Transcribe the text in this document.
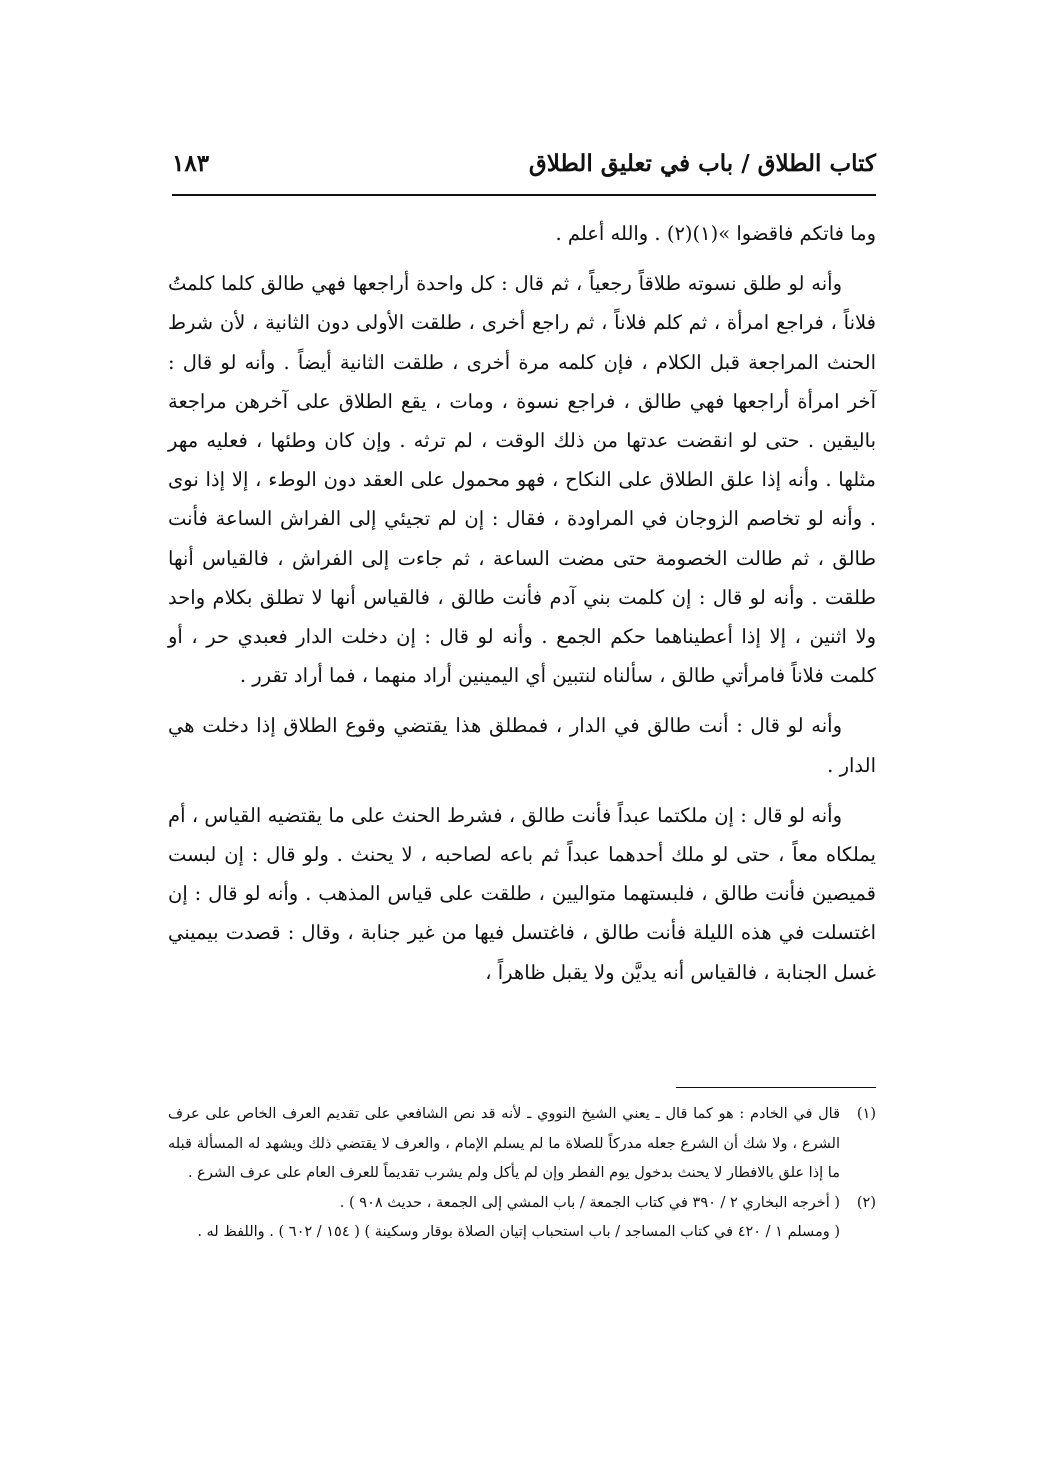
كتاب الطلاق / باب في تعليق الطلاق
١٨٣

وما فاتكم فاقضوا »(١)(٢) . والله أعلم .

وأنه لو طلق نسوته طلاقاً رجعياً ، ثم قال : كل واحدة أراجعها فهي طالق كلما كلمتُ فلاناً ، فراجع امرأة ، ثم كلم فلاناً ، ثم راجع أخرى ، طلقت الأولى دون الثانية ، لأن شرط الحنث المراجعة قبل الكلام ، فإن كلمه مرة أخرى ، طلقت الثانية أيضاً . وأنه لو قال : آخر امرأة أراجعها فهي طالق ، فراجع نسوة ، ومات ، يقع الطلاق على آخرهن مراجعة باليقين . حتى لو انقضت عدتها من ذلك الوقت ، لم ترثه . وإن كان وطئها ، فعليه مهر مثلها . وأنه إذا علق الطلاق على النكاح ، فهو محمول على العقد دون الوطء ، إلا إذا نوى . وأنه لو تخاصم الزوجان في المراودة ، فقال : إن لم تجيئي إلى الفراش الساعة فأنت طالق ، ثم طالت الخصومة حتى مضت الساعة ، ثم جاءت إلى الفراش ، فالقياس أنها طلقت . وأنه لو قال : إن كلمت بني آدم فأنت طالق ، فالقياس أنها لا تطلق بكلام واحد ولا اثنين ، إلا إذا أعطيناهما حكم الجمع . وأنه لو قال : إن دخلت الدار فعبدي حر ، أو كلمت فلاناً فامرأتي طالق ، سألناه لنتبين أي اليمينين أراد منهما ، فما أراد تقرر .

وأنه لو قال : أنت طالق في الدار ، فمطلق هذا يقتضي وقوع الطلاق إذا دخلت هي الدار .

وأنه لو قال : إن ملكتما عبداً فأنت طالق ، فشرط الحنث على ما يقتضيه القياس ، أم يملكاه معاً ، حتى لو ملك أحدهما عبداً ثم باعه لصاحبه ، لا يحنث . ولو قال : إن لبست قميصين فأنت طالق ، فلبستهما متواليين ، طلقت على قياس المذهب . وأنه لو قال : إن اغتسلت في هذه الليلة فأنت طالق ، فاغتسل فيها من غير جنابة ، وقال : قصدت بيميني غسل الجنابة ، فالقياس أنه يديَّن ولا يقبل ظاهراً ،

(١)
قال في الخادم : هو كما قال ـ يعني الشيخ النووي ـ لأنه قد نص الشافعي على تقديم العرف الخاص على عرف الشرع ، ولا شك أن الشرع جعله مدركاً للصلاة ما لم يسلم الإمام ، والعرف لا يقتضي ذلك ويشهد له المسألة قبله ما إذا علق بالافطار لا يحنث بدخول يوم الفطر وإن لم يأكل ولم يشرب تقديماً للعرف العام على عرف الشرع .
(٢)
( أخرجه البخاري ٢ / ٣٩٠ في كتاب الجمعة / باب المشي إلى الجمعة ، حديث ٩٠٨ ) .
( ومسلم ١ / ٤٢٠ في كتاب المساجد / باب استحباب إتيان الصلاة بوقار وسكينة ) ( ١٥٤ / ٦٠٢ ) . واللفظ له .
